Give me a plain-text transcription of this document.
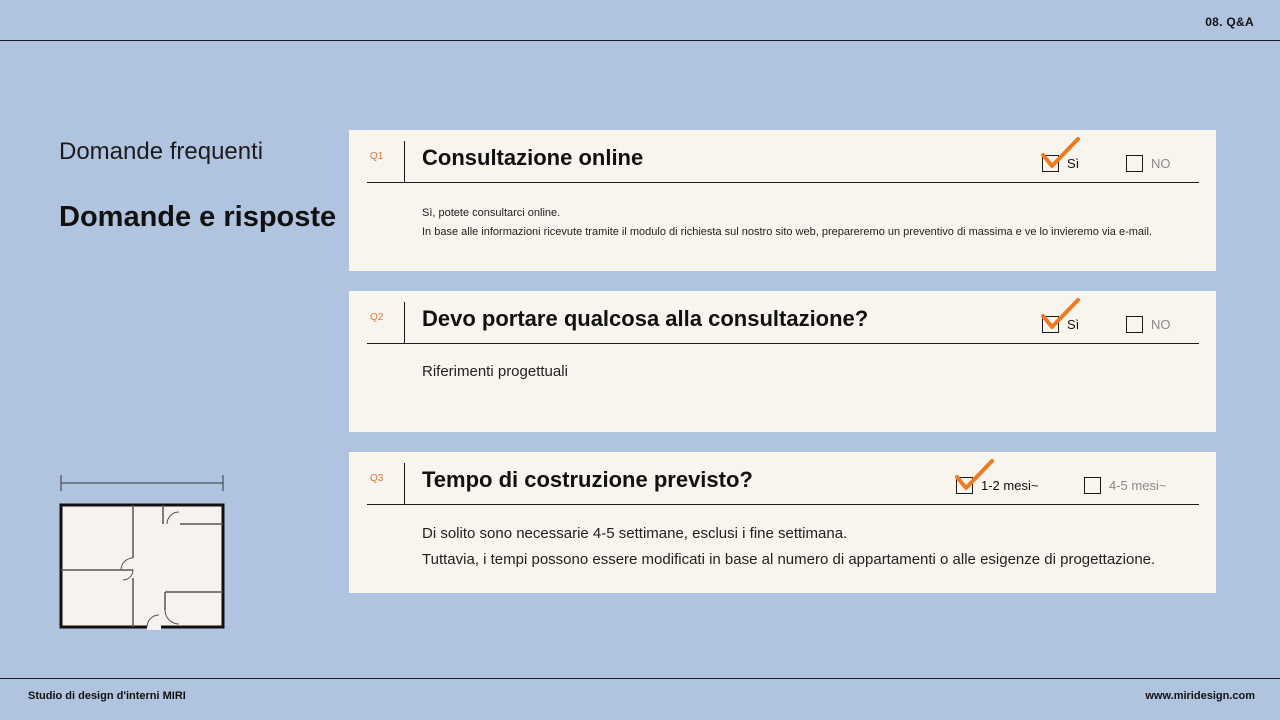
08. Q&A
Domande frequenti
Domande e risposte
Q1 Consultazione online	Sì	NO
Sì, potete consultarci online.
In base alle informazioni ricevute tramite il modulo di richiesta sul nostro sito web, prepareremo un preventivo di massima e ve lo invieremo via e-mail.
Q2 Devo portare qualcosa alla consultazione?	Sì	NO
Riferimenti progettuali
Q3 Tempo di costruzione previsto?	1-2 mesi~	4-5 mesi~
Di solito sono necessarie 4-5 settimane, esclusi i fine settimana.
Tuttavia, i tempi possono essere modificati in base al numero di appartamenti o alle esigenze di progettazione.
Studio di design d'interni MIRI	www.miridesign.com
